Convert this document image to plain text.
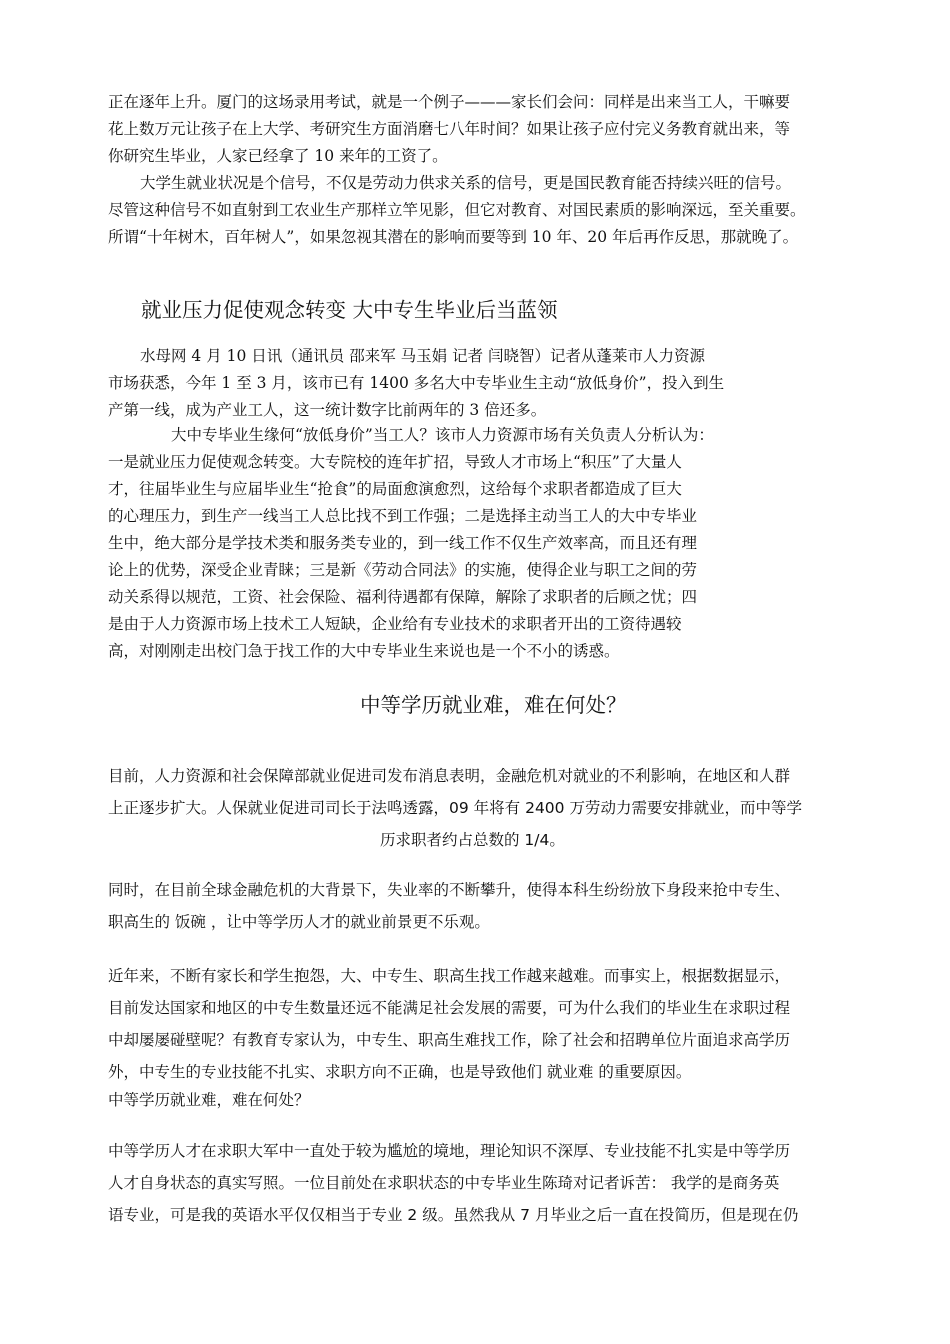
正在逐年上升。厦门的这场录用考试，就是一个例子———家长们会问：同样是出来当工人，干嘛要
花上数万元让孩子在上大学、考研究生方面消磨七八年时间？如果让孩子应付完义务教育就出来，等
你研究生毕业，人家已经拿了 10 来年的工资了。
大学生就业状况是个信号，不仅是劳动力供求关系的信号，更是国民教育能否持续兴旺的信号。
尽管这种信号不如直射到工农业生产那样立竿见影，但它对教育、对国民素质的影响深远，至关重要。
所谓“十年树木，百年树人”，如果忽视其潜在的影响而要等到 10 年、20 年后再作反思，那就晚了。
就业压力促使观念转变 大中专生毕业后当蓝领
水母网 4 月 10 日讯（通讯员 邵来军 马玉娟 记者 闫晓智）记者从蓬莱市人力资源
市场获悉，今年 1 至 3 月，该市已有 1400 多名大中专毕业生主动“放低身价”，投入到生
产第一线，成为产业工人，这一统计数字比前两年的 3 倍还多。
大中专毕业生缘何“放低身价”当工人？该市人力资源市场有关负责人分析认为：
一是就业压力促使观念转变。大专院校的连年扩招，导致人才市场上“积压”了大量人
才，往届毕业生与应届毕业生“抢食”的局面愈演愈烈，这给每个求职者都造成了巨大
的心理压力，到生产一线当工人总比找不到工作强；二是选择主动当工人的大中专毕业
生中，绝大部分是学技术类和服务类专业的，到一线工作不仅生产效率高，而且还有理
论上的优势，深受企业青睐；三是新《劳动合同法》的实施，使得企业与职工之间的劳
动关系得以规范，工资、社会保险、福利待遇都有保障，解除了求职者的后顾之忧；四
是由于人力资源市场上技术工人短缺，企业给有专业技术的求职者开出的工资待遇较
高，对刚刚走出校门急于找工作的大中专毕业生来说也是一个不小的诱惑。
中等学历就业难，难在何处？
目前，人力资源和社会保障部就业促进司发布消息表明，金融危机对就业的不利影响，在地区和人群
上正逐步扩大。人保就业促进司司长于法鸣透露，09 年将有 2400 万劳动力需要安排就业，而中等学
历求职者约占总数的 1/4。
同时，在目前全球金融危机的大背景下，失业率的不断攀升，使得本科生纷纷放下身段来抢中专生、
职高生的 饭碗 ，让中等学历人才的就业前景更不乐观。
近年来，不断有家长和学生抱怨，大、中专生、职高生找工作越来越难。而事实上，根据数据显示，
目前发达国家和地区的中专生数量还远不能满足社会发展的需要，可为什么我们的毕业生在求职过程
中却屡屡碰壁呢？有教育专家认为，中专生、职高生难找工作，除了社会和招聘单位片面追求高学历
外，中专生的专业技能不扎实、求职方向不正确，也是导致他们 就业难 的重要原因。
中等学历就业难，难在何处？
中等学历人才在求职大军中一直处于较为尴尬的境地，理论知识不深厚、专业技能不扎实是中等学历
人才自身状态的真实写照。一位目前处在求职状态的中专毕业生陈琦对记者诉苦： 我学的是商务英
语专业，可是我的英语水平仅仅相当于专业 2 级。虽然我从 7 月毕业之后一直在投简历，但是现在仍
